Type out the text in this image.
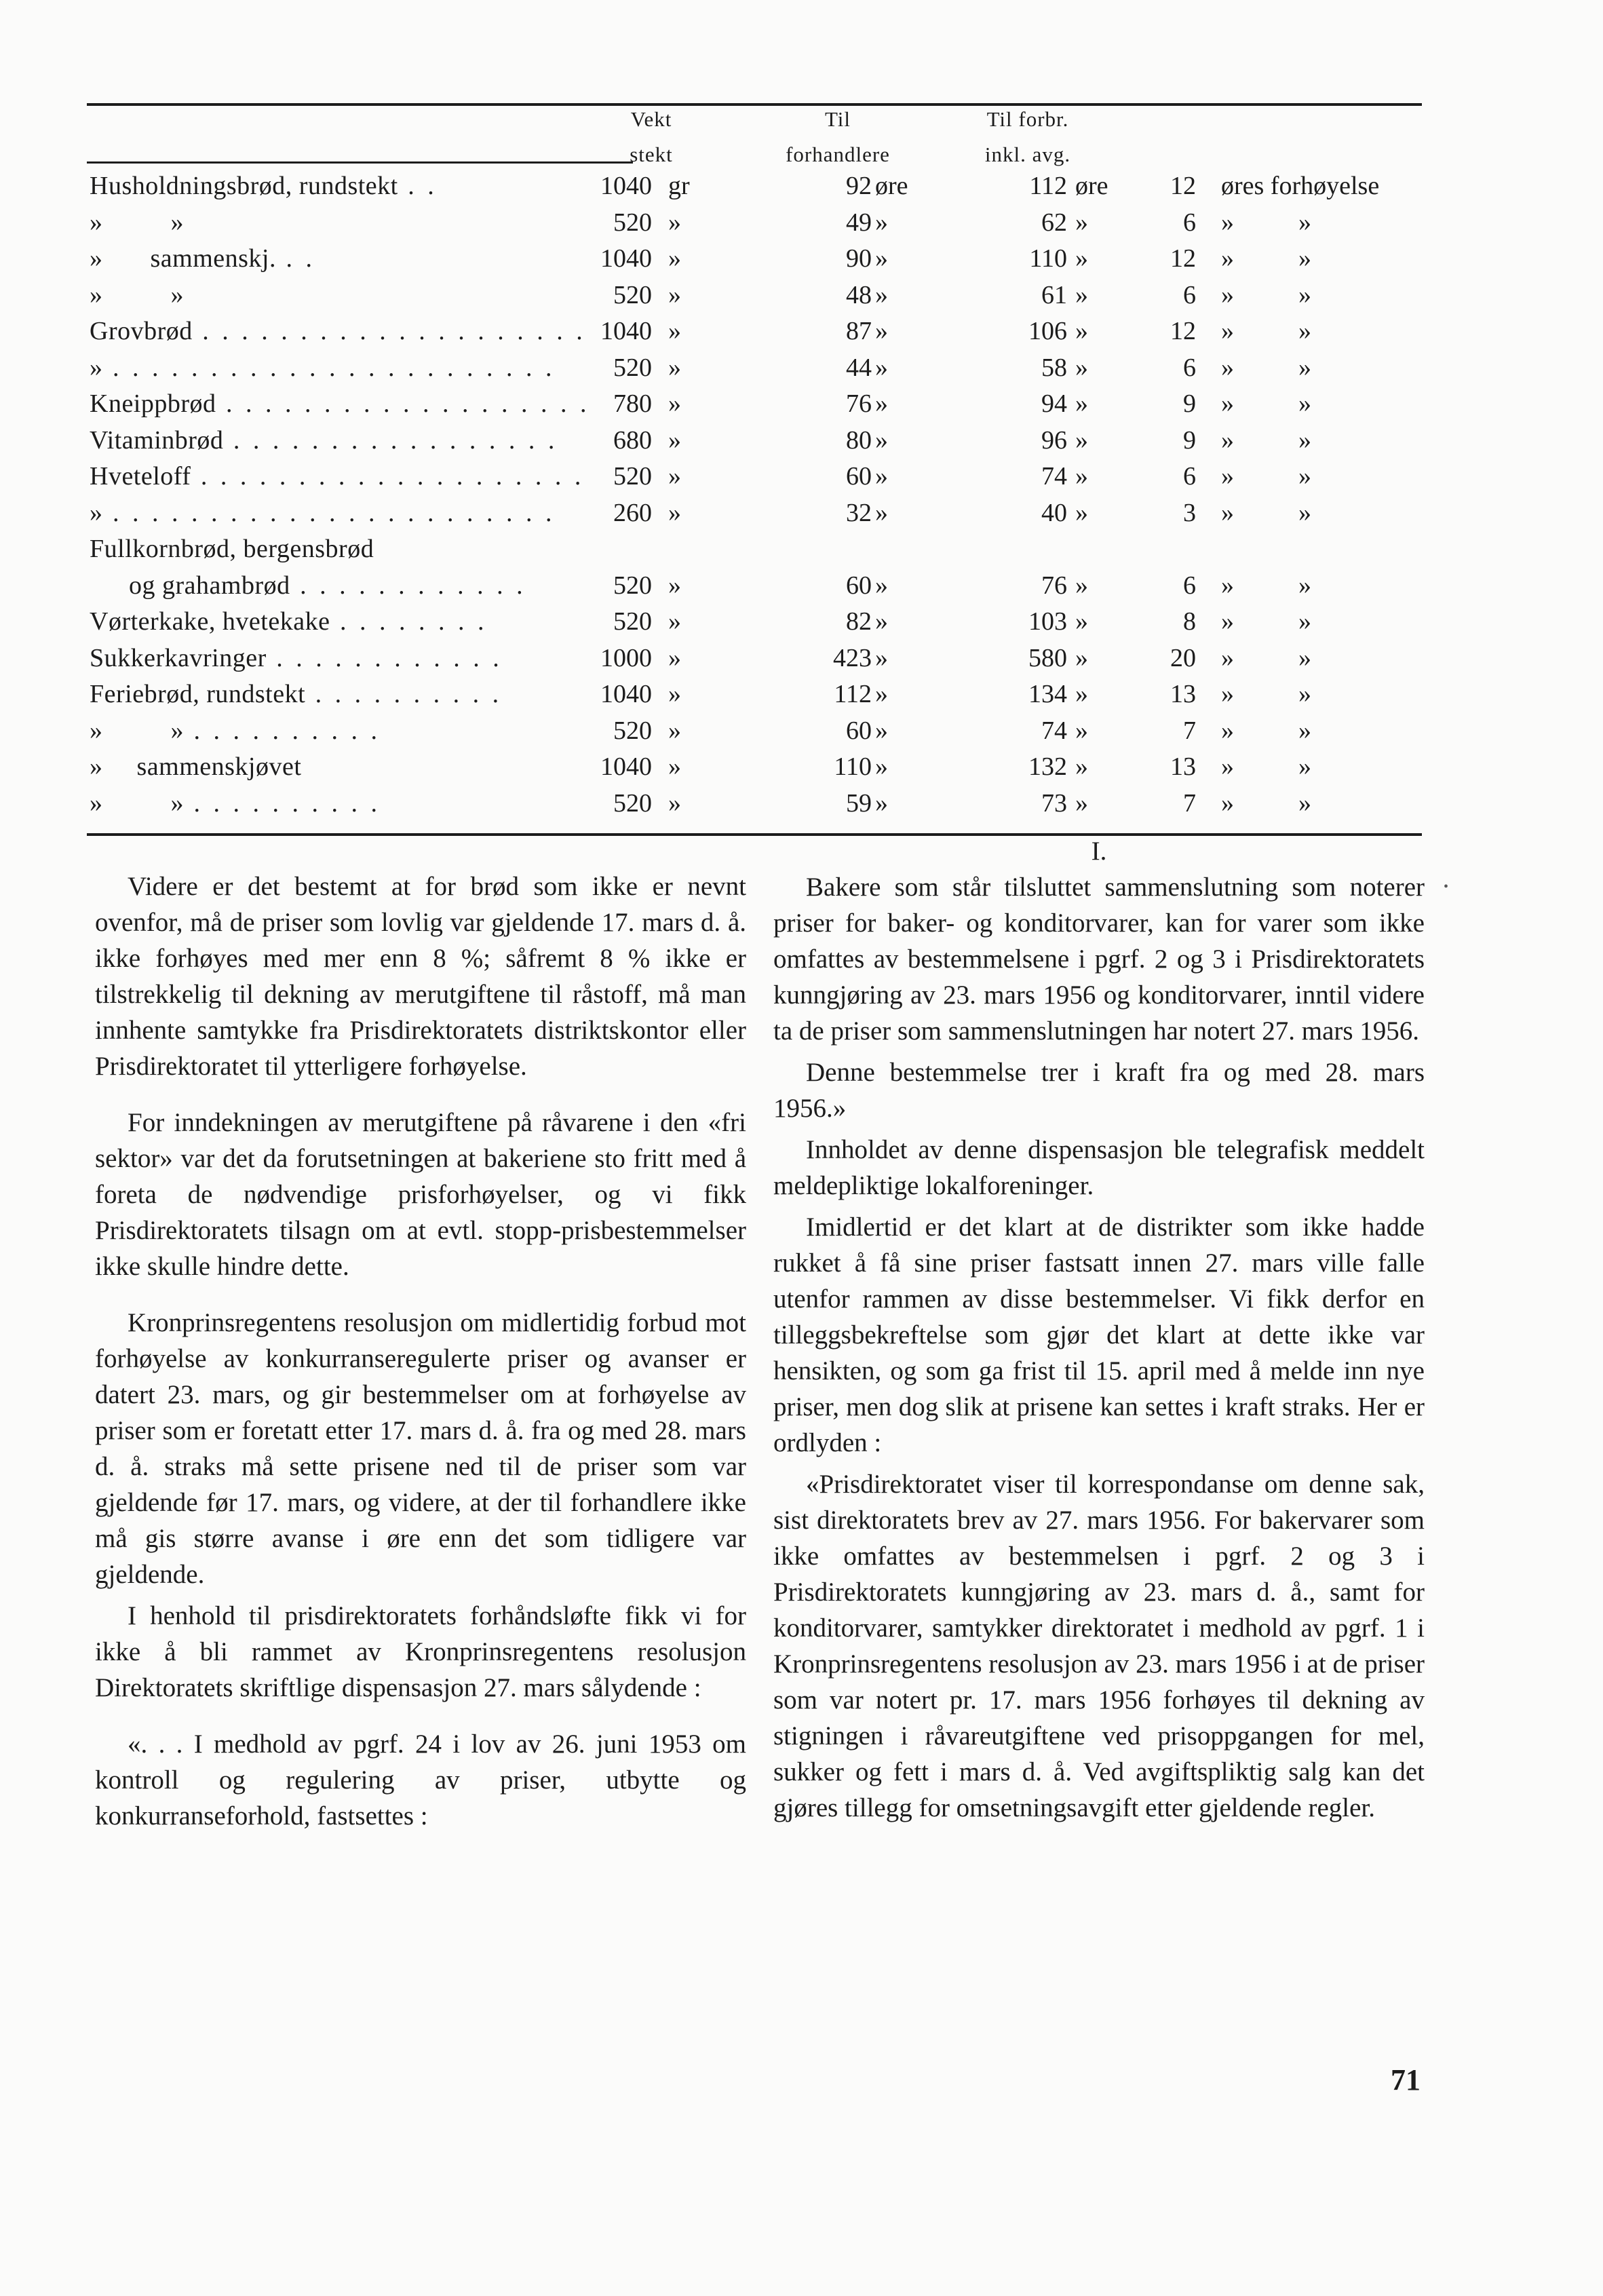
Vekt
stekt
Til
forhandlere
Til forbr.
inkl. avg.
Husholdningsbrød, rundstekt . .	1040 gr	92 øre	112 øre 12 øres forhøyelse
»          »	520 »	49 »	62 »	6 »          »
»       sammenskj. . .	1040 »	90 »	110 »	12 »          »
»          »	520 »	48 »	61 »	6 »          »
Grovbrød . . . . . . . . . . . . . . . . . . . . 1040 »	87 »	106 »	12 »          »
» . . . . . . . . . . . . . . . . . . . . . . . 520 »	44 »	58 »	6 »          »
Kneippbrød . . . . . . . . . . . . . . . . . . . 780 »	76 »	94 »	9 »          »
Vitaminbrød . . . . . . . . . . . . . . . . . 680 »	80 »	96 »	9 »          »
Hveteloff . . . . . . . . . . . . . . . . . . . . 520 »	60 »	74 »	6 »          »
» . . . . . . . . . . . . . . . . . . . . . . . 260 »	32 »	40 »	3 »          »
Fullkornbrød, bergensbrød
og grahambrød . . . . . . . . . . . .	520 »	60 »	76 »	6 »          »
Vørterkake, hvetekake . . . . . . . .	520 »	82 »	103 »	8 »          »
Sukkerkavringer . . . . . . . . . . . .	1000 »	423 »	580 »	20 »          »
Feriebrød, rundstekt . . . . . . . . . .	1040 »	112 »	134 »	13 »          »
»          » . . . . . . . . . .	520 »	60 »	74 »	7 »          »
»     sammenskjøvet	1040 »	110 »	132 »	13 »          »
»          » . . . . . . . . . .	520 »	59 »	73 »	7 »          »

Videre er det bestemt at for brød som ikke er nevnt ovenfor, må de priser som lovlig var gjeldende 17. mars d. å. ikke forhøyes med mer enn 8 %; såfremt 8 % ikke er tilstrekkelig til dekning av merutgiftene til råstoff, må man innhente samtykke fra Prisdirektoratets distriktskontor eller Prisdirektoratet til ytterligere forhøyelse.

For inndekningen av merutgiftene på råvarene i den «fri sektor» var det da forutsetningen at bakeriene sto fritt med å foreta de nødvendige prisforhøyelser, og vi fikk Prisdirektoratets tilsagn om at evtl. stopp-prisbestemmelser ikke skulle hindre dette.

Kronprinsregentens resolusjon om midlertidig forbud mot forhøyelse av konkurranseregulerte priser og avanser er datert 23. mars, og gir bestemmelser om at forhøyelse av priser som er foretatt etter 17. mars d. å. fra og med 28. mars d. å. straks må sette prisene ned til de priser som var gjeldende før 17. mars, og videre, at der til forhandlere ikke må gis større avanse i øre enn det som tidligere var gjeldende.

I henhold til prisdirektoratets forhåndsløfte fikk vi for ikke å bli rammet av Kronprinsregentens resolusjon Direktoratets skriftlige dispensasjon 27. mars sålydende :

«. . . I medhold av pgrf. 24 i lov av 26. juni 1953 om kontroll og regulering av priser, utbytte og konkurranseforhold, fastsettes :

I.

Bakere som står tilsluttet sammenslutning som noterer priser for baker- og konditorvarer, kan for varer som ikke omfattes av bestemmelsene i pgrf. 2 og 3 i Prisdirektoratets kunngjøring av 23. mars 1956 og konditorvarer, inntil videre ta de priser som sammenslutningen har notert 27. mars 1956.

Denne bestemmelse trer i kraft fra og med 28. mars 1956.»

Innholdet av denne dispensasjon ble telegrafisk meddelt meldepliktige lokalforeninger.

Imidlertid er det klart at de distrikter som ikke hadde rukket å få sine priser fastsatt innen 27. mars ville falle utenfor rammen av disse bestemmelser. Vi fikk derfor en tilleggsbekreftelse som gjør det klart at dette ikke var hensikten, og som ga frist til 15. april med å melde inn nye priser, men dog slik at prisene kan settes i kraft straks. Her er ordlyden :

«Prisdirektoratet viser til korrespondanse om denne sak, sist direktoratets brev av 27. mars 1956. For bakervarer som ikke omfattes av bestemmelsen i pgrf. 2 og 3 i Prisdirektoratets kunngjøring av 23. mars d. å., samt for konditorvarer, samtykker direktoratet i medhold av pgrf. 1 i Kronprinsregentens resolusjon av 23. mars 1956 i at de priser som var notert pr. 17. mars 1956 forhøyes til dekning av stigningen i råvareutgiftene ved prisoppgangen for mel, sukker og fett i mars d. å. Ved avgiftspliktig salg kan det gjøres tillegg for omsetningsavgift etter gjeldende regler.

•
71
